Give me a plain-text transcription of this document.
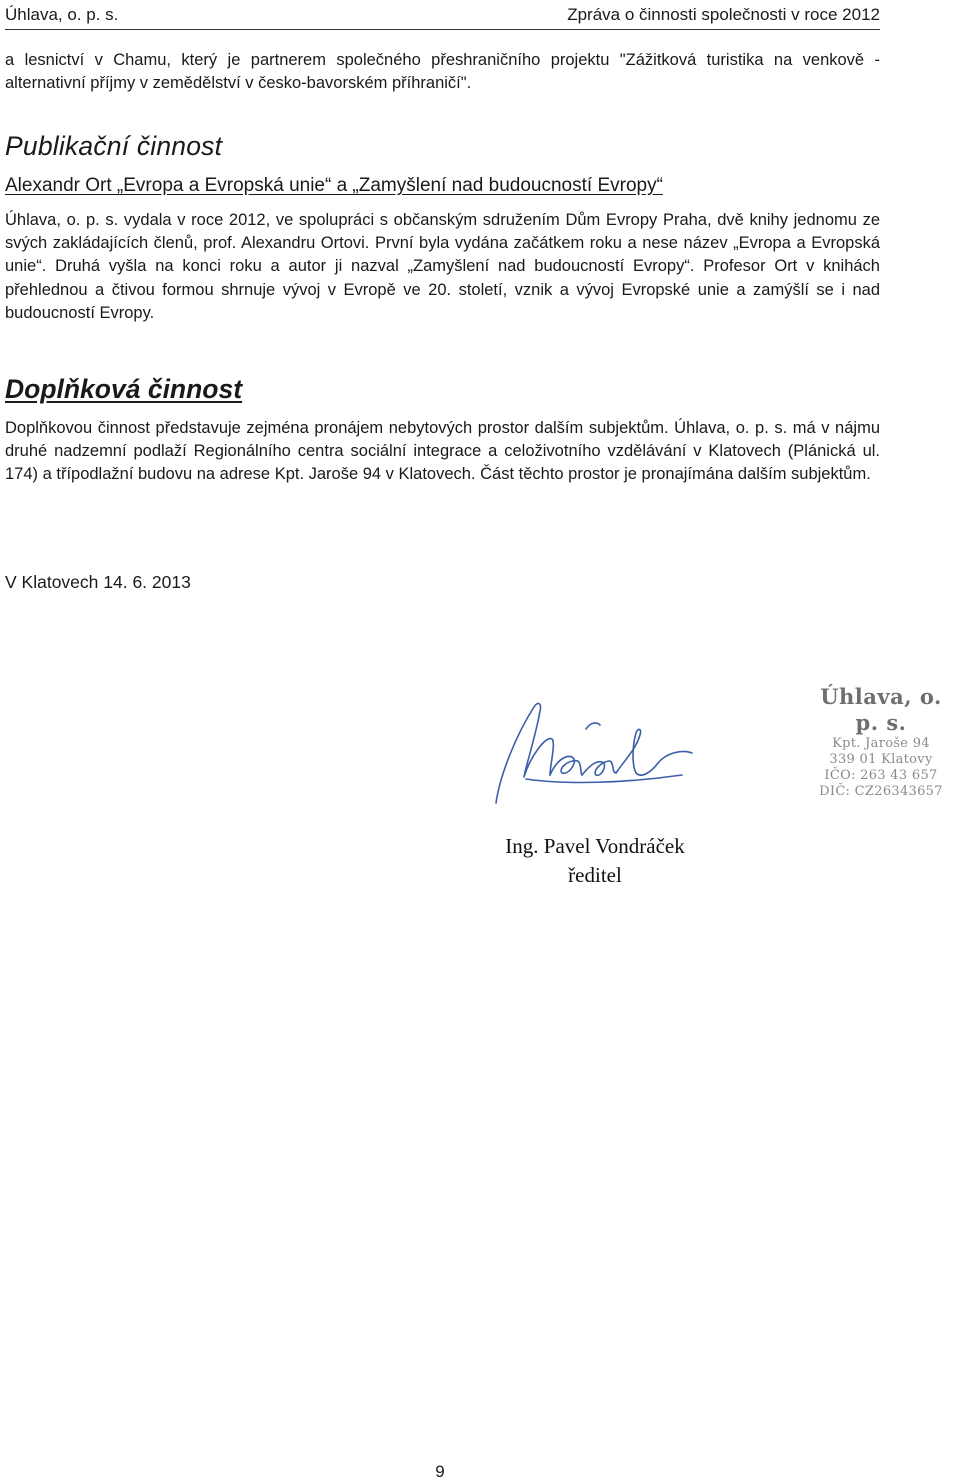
Úhlava, o. p. s.	Zpráva o činnosti společnosti v roce 2012
a lesnictví v Chamu, který je partnerem společného přeshraničního projektu "Zážitková turistika na venkově - alternativní příjmy v zemědělství v česko-bavorském příhraničí".
Publikační činnost
Alexandr Ort „Evropa a Evropská unie“ a „Zamyšlení nad budoucností Evropy“
Úhlava, o. p. s. vydala v roce 2012, ve spolupráci s občanským sdružením Dům Evropy Praha, dvě knihy jednomu ze svých zakládajících členů, prof. Alexandru Ortovi. První byla vydána začátkem roku a nese název „Evropa a Evropská unie“. Druhá vyšla na konci roku a autor ji nazval „Zamyšlení nad budoucností Evropy“. Profesor Ort v knihách přehlednou a čtivou formou shrnuje vývoj v Evropě ve 20. století, vznik a vývoj Evropské unie a zamýšlí se i nad budoucností Evropy.
Doplňková činnost
Doplňkovou činnost představuje zejména pronájem nebytových prostor dalším subjektům. Úhlava, o. p. s. má v nájmu druhé nadzemní podlaží Regionálního centra sociální integrace a celoživotního vzdělávání v Klatovech (Plánická ul. 174) a třípodlažní budovu na adrese Kpt. Jaroše 94 v Klatovech. Část těchto prostor je pronajímána dalším subjektům.
V Klatovech 14. 6. 2013
Úhlava, o. p. s.
Kpt. Jaroše 94
339 01 Klatovy
IČO: 263 43 657
DIČ: CZ26343657
Ing. Pavel Vondráček
ředitel
9
